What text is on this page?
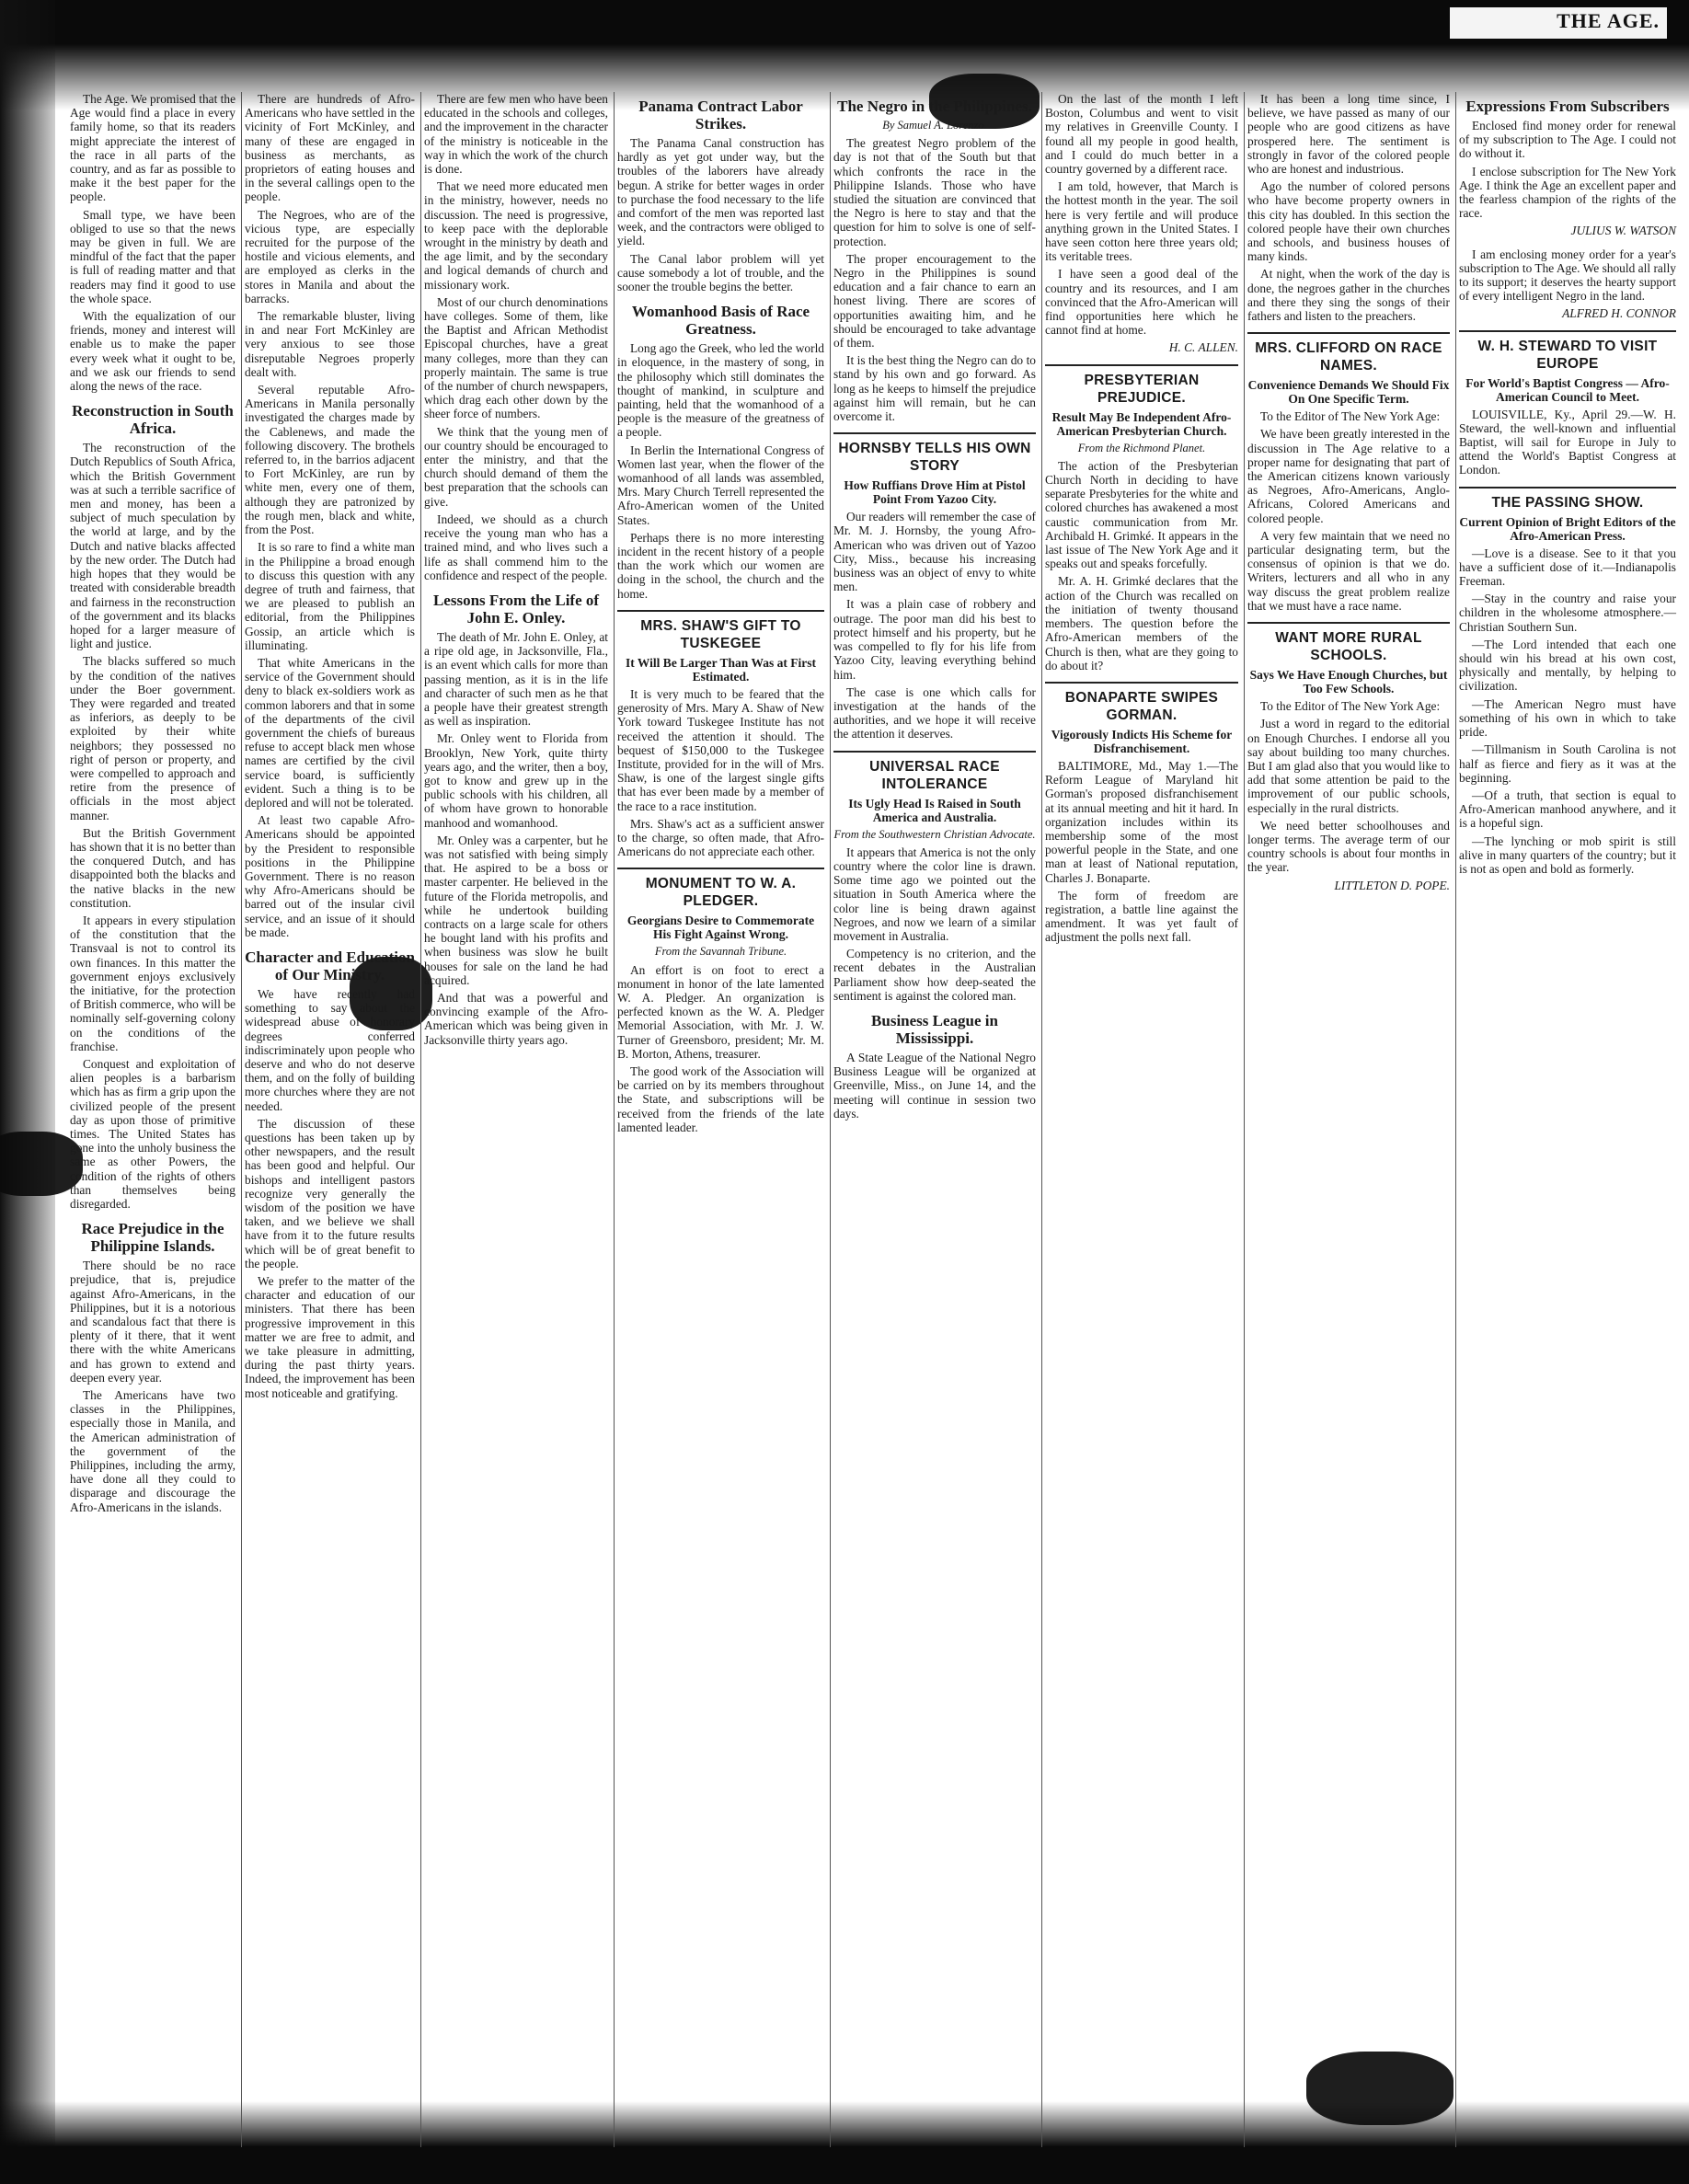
THE AGE.

The Age. We promised that the Age would find a place in every family home, so that its readers might appreciate the interest of the race in all parts of the country, and as far as possible to make it the best paper for the people.

Small type, we have been obliged to use so that the news may be given in full. We are mindful of the fact that the paper is full of reading matter and that readers may find it good to use the whole space.

With the equalization of our friends, money and interest will enable us to make the paper every week what it ought to be, and we ask our friends to send along the news of the race.

Reconstruction in South Africa.

The reconstruction of the Dutch Republics of South Africa, which the British Government was at such a terrible sacrifice of men and money, has been a subject of much speculation by the world at large, and by the Dutch and native blacks affected by the new order. The Dutch had high hopes that they would be treated with considerable breadth and fairness in the reconstruction of the government and its blacks hoped for a larger measure of light and justice.

The blacks suffered so much by the condition of the natives under the Boer government. They were regarded and treated as inferiors, as deeply to be exploited by their white neighbors; they possessed no right of person or property, and were compelled to approach and retire from the presence of officials in the most abject manner.

But the British Government has shown that it is no better than the conquered Dutch, and has disappointed both the blacks and the native blacks in the new constitution.

It appears in every stipulation of the constitution that the Transvaal is not to control its own finances. In this matter the government enjoys exclusively the initiative, for the protection of British commerce, who will be nominally self-governing colony on the conditions of the franchise.

Conquest and exploitation of alien peoples is a barbarism which has as firm a grip upon the civilized people of the present day as upon those of primitive times. The United States has gone into the unholy business the same as other Powers, the condition of the rights of others than themselves being disregarded.

Race Prejudice in the Philippine Islands.

There should be no race prejudice, that is, prejudice against Afro-Americans, in the Philippines, but it is a notorious and scandalous fact that there is plenty of it there, that it went there with the white Americans and has grown to extend and deepen every year.

The Americans have two classes in the Philippines, especially those in Manila, and the American administration of the government of the Philippines, including the army, have done all they could to disparage and discourage the Afro-Americans in the islands.

There are hundreds of Afro-Americans who have settled in the vicinity of Fort McKinley, and many of these are engaged in business as merchants, as proprietors of eating houses and in the several callings open to the people.

The Negroes, who are of the vicious type, are especially recruited for the purpose of the hostile and vicious elements, and are employed as clerks in the stores in Manila and about the barracks.

The remarkable bluster, living in and near Fort McKinley are very anxious to see those disreputable Negroes properly dealt with.

Several reputable Afro-Americans in Manila personally investigated the charges made by the Cablenews, and made the following discovery. The brothels referred to, in the barrios adjacent to Fort McKinley, are run by white men, every one of them, although they are patronized by the rough men, black and white, from the Post.

It is so rare to find a white man in the Philippine a broad enough to discuss this question with any degree of truth and fairness, that we are pleased to publish an editorial, from the Philippines Gossip, an article which is illuminating.

That white Americans in the service of the Government should deny to black ex-soldiers work as common laborers and that in some of the departments of the civil government the chiefs of bureaus refuse to accept black men whose names are certified by the civil service board, is sufficiently evident. Such a thing is to be deplored and will not be tolerated.

At least two capable Afro-Americans should be appointed by the President to responsible positions in the Philippine Government. There is no reason why Afro-Americans should be barred out of the insular civil service, and an issue of it should be made.

Character and Education of Our Ministry.

We have recently had something to say about the widespread abuse of honorary degrees conferred indiscriminately upon people who deserve and who do not deserve them, and on the folly of building more churches where they are not needed.

The discussion of these questions has been taken up by other newspapers, and the result has been good and helpful. Our bishops and intelligent pastors recognize very generally the wisdom of the position we have taken, and we believe we shall have from it to the future results which will be of great benefit to the people.

We prefer to the matter of the character and education of our ministers. That there has been progressive improvement in this matter we are free to admit, and we take pleasure in admitting, during the past thirty years. Indeed, the improvement has been most noticeable and gratifying.

There are few men who have been educated in the schools and colleges, and the improvement in the character of the ministry is noticeable in the way in which the work of the church is done.

That we need more educated men in the ministry, however, needs no discussion. The need is progressive, to keep pace with the deplorable wrought in the ministry by death and the age limit, and by the secondary and logical demands of church and missionary work.

Most of our church denominations have colleges. Some of them, like the Baptist and African Methodist Episcopal churches, have a great many colleges, more than they can properly maintain. The same is true of the number of church newspapers, which drag each other down by the sheer force of numbers.

We think that the young men of our country should be encouraged to enter the ministry, and that the church should demand of them the best preparation that the schools can give.

Indeed, we should as a church receive the young man who has a trained mind, and who lives such a life as shall commend him to the confidence and respect of the people.

Lessons From the Life of John E. Onley.

The death of Mr. John E. Onley, at a ripe old age, in Jacksonville, Fla., is an event which calls for more than passing mention, as it is in the life and character of such men as he that a people have their greatest strength as well as inspiration.

Mr. Onley went to Florida from Brooklyn, New York, quite thirty years ago, and the writer, then a boy, got to know and grew up in the public schools with his children, all of whom have grown to honorable manhood and womanhood.

Mr. Onley was a carpenter, but he was not satisfied with being simply that. He aspired to be a boss or master carpenter. He believed in the future of the Florida metropolis, and while he undertook building contracts on a large scale for others he bought land with his profits and when business was slow he built houses for sale on the land he had acquired.

And that was a powerful and convincing example of the Afro-American which was being given in Jacksonville thirty years ago.

Panama Contract Labor Strikes.

The Panama Canal construction has hardly as yet got under way, but the troubles of the laborers have already begun. A strike for better wages in order to purchase the food necessary to the life and comfort of the men was reported last week, and the contractors were obliged to yield.

The Canal labor problem will yet cause somebody a lot of trouble, and the sooner the trouble begins the better.

Womanhood Basis of Race Greatness.

Long ago the Greek, who led the world in eloquence, in the mastery of song, in the philosophy which still dominates the thought of mankind, in sculpture and painting, held that the womanhood of a people is the measure of the greatness of a people.

In Berlin the International Congress of Women last year, when the flower of the womanhood of all lands was assembled, Mrs. Mary Church Terrell represented the Afro-American women of the United States.

Perhaps there is no more interesting incident in the recent history of a people than the work which our women are doing in the school, the church and the home.

MRS. SHAW'S GIFT TO TUSKEGEE
It Will Be Larger Than Was at First Estimated.

It is very much to be feared that the generosity of Mrs. Mary A. Shaw of New York toward Tuskegee Institute has not received the attention it should. The bequest of $150,000 to the Tuskegee Institute, provided for in the will of Mrs. Shaw, is one of the largest single gifts that has ever been made by a member of the race to a race institution.

Mrs. Shaw's act as a sufficient answer to the charge, so often made, that Afro-Americans do not appreciate each other.

MONUMENT TO W. A. PLEDGER.
Georgians Desire to Commemorate His Fight Against Wrong.
From the Savannah Tribune.

An effort is on foot to erect a monument in honor of the late lamented W. A. Pledger. An organization is perfected known as the W. A. Pledger Memorial Association, with Mr. J. W. Turner of Greensboro, president; Mr. M. B. Morton, Athens, treasurer.

The good work of the Association will be carried on by its members throughout the State, and subscriptions will be received from the friends of the late lamented leader.

The Negro in the Philippines.
By Samuel A. Lorenzo.

The greatest Negro problem of the day is not that of the South but that which confronts the race in the Philippine Islands. Those who have studied the situation are convinced that the Negro is here to stay and that the question for him to solve is one of self-protection.

The proper encouragement to the Negro in the Philippines is sound education and a fair chance to earn an honest living. There are scores of opportunities awaiting him, and he should be encouraged to take advantage of them.

It is the best thing the Negro can do to stand by his own and go forward. As long as he keeps to himself the prejudice against him will remain, but he can overcome it.

HORNSBY TELLS HIS OWN STORY
How Ruffians Drove Him at Pistol Point From Yazoo City.

Our readers will remember the case of Mr. M. J. Hornsby, the young Afro-American who was driven out of Yazoo City, Miss., because his increasing business was an object of envy to white men.

It was a plain case of robbery and outrage. The poor man did his best to protect himself and his property, but he was compelled to fly for his life from Yazoo City, leaving everything behind him.

The case is one which calls for investigation at the hands of the authorities, and we hope it will receive the attention it deserves.

UNIVERSAL RACE INTOLERANCE
Its Ugly Head Is Raised in South America and Australia.
From the Southwestern Christian Advocate.

It appears that America is not the only country where the color line is drawn. Some time ago we pointed out the situation in South America where the color line is being drawn against Negroes, and now we learn of a similar movement in Australia.

Competency is no criterion, and the recent debates in the Australian Parliament show how deep-seated the sentiment is against the colored man.

Business League in Mississippi.

A State League of the National Negro Business League will be organized at Greenville, Miss., on June 14, and the meeting will continue in session two days.

On the last of the month I left Boston, Columbus and went to visit my relatives in Greenville County. I found all my people in good health, and I could do much better in a country governed by a different race.

I am told, however, that March is the hottest month in the year. The soil here is very fertile and will produce anything grown in the United States. I have seen cotton here three years old; its veritable trees.

I have seen a good deal of the country and its resources, and I am convinced that the Afro-American will find opportunities here which he cannot find at home.

H. C. ALLEN.
PRESBYTERIAN PREJUDICE.
Result May Be Independent Afro-American Presbyterian Church.
From the Richmond Planet.

The action of the Presbyterian Church North in deciding to have separate Presbyteries for the white and colored churches has awakened a most caustic communication from Mr. Archibald H. Grimké. It appears in the last issue of The New York Age and it speaks out and speaks forcefully.

Mr. A. H. Grimké declares that the action of the Church was recalled on the initiation of twenty thousand members. The question before the Afro-American members of the Church is then, what are they going to do about it?

BONAPARTE SWIPES GORMAN.
Vigorously Indicts His Scheme for Disfranchisement.

BALTIMORE, Md., May 1.—The Reform League of Maryland hit Gorman's proposed disfranchisement at its annual meeting and hit it hard. In organization includes within its membership some of the most powerful people in the State, and one man at least of National reputation, Charles J. Bonaparte.

The form of freedom are registration, a battle line against the amendment. It was yet fault of adjustment the polls next fall.

It has been a long time since, I believe, we have passed as many of our people who are good citizens as have prospered here. The sentiment is strongly in favor of the colored people who are honest and industrious.

Ago the number of colored persons who have become property owners in this city has doubled. In this section the colored people have their own churches and schools, and business houses of many kinds.

At night, when the work of the day is done, the negroes gather in the churches and there they sing the songs of their fathers and listen to the preachers.

MRS. CLIFFORD ON RACE NAMES.
Convenience Demands We Should Fix On One Specific Term.

To the Editor of The New York Age:

We have been greatly interested in the discussion in The Age relative to a proper name for designating that part of the American citizens known variously as Negroes, Afro-Americans, Anglo-Africans, Colored Americans and colored people.

A very few maintain that we need no particular designating term, but the consensus of opinion is that we do. Writers, lecturers and all who in any way discuss the great problem realize that we must have a race name.

WANT MORE RURAL SCHOOLS.
Says We Have Enough Churches, but Too Few Schools.

To the Editor of The New York Age:

Just a word in regard to the editorial on Enough Churches. I endorse all you say about building too many churches. But I am glad also that you would like to add that some attention be paid to the improvement of our public schools, especially in the rural districts.

We need better schoolhouses and longer terms. The average term of our country schools is about four months in the year.

LITTLETON D. POPE.
Expressions From Subscribers

Enclosed find money order for renewal of my subscription to The Age. I could not do without it.

I enclose subscription for The New York Age. I think the Age an excellent paper and the fearless champion of the rights of the race.

JULIUS W. WATSON

I am enclosing money order for a year's subscription to The Age. We should all rally to its support; it deserves the hearty support of every intelligent Negro in the land.

ALFRED H. CONNOR
W. H. STEWARD TO VISIT EUROPE
For World's Baptist Congress — Afro-American Council to Meet.

LOUISVILLE, Ky., April 29.—W. H. Steward, the well-known and influential Baptist, will sail for Europe in July to attend the World's Baptist Congress at London.

THE PASSING SHOW.
Current Opinion of Bright Editors of the Afro-American Press.

—Love is a disease. See to it that you have a sufficient dose of it.—Indianapolis Freeman.

—Stay in the country and raise your children in the wholesome atmosphere.—Christian Southern Sun.

—The Lord intended that each one should win his bread at his own cost, physically and mentally, by helping to civilization.

—The American Negro must have something of his own in which to take pride.

—Tillmanism in South Carolina is not half as fierce and fiery as it was at the beginning.

—Of a truth, that section is equal to Afro-American manhood anywhere, and it is a hopeful sign.

—The lynching or mob spirit is still alive in many quarters of the country; but it is not as open and bold as formerly.
